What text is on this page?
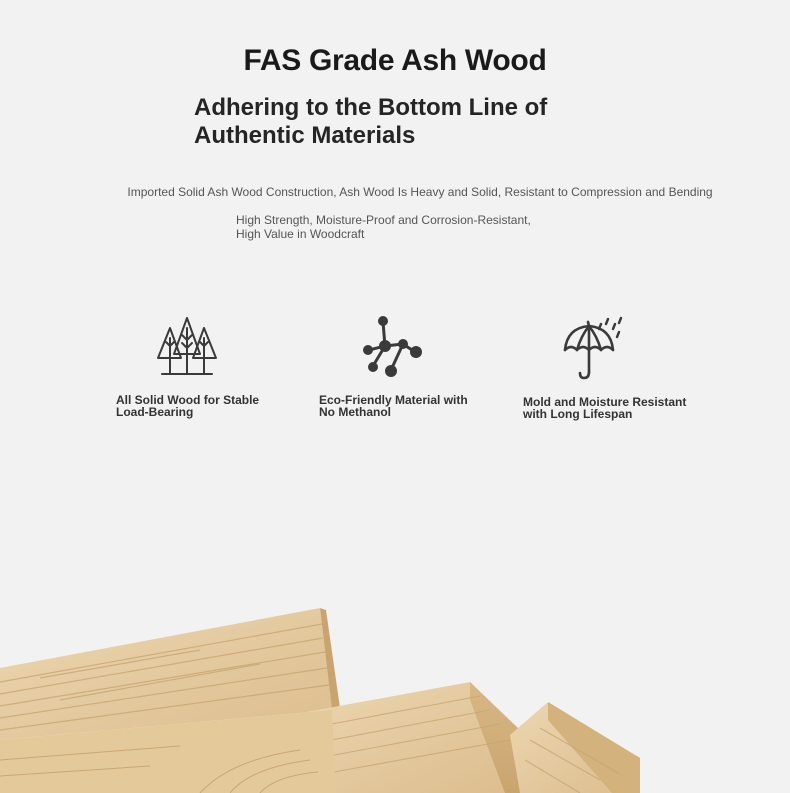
FAS Grade Ash Wood
Adhering to the Bottom Line of Authentic Materials

Imported Solid Ash Wood Construction, Ash Wood Is Heavy and Solid, Resistant to Compression and Bending

High Strength, Moisture-Proof and Corrosion-Resistant,
High Value in Woodcraft

All Solid Wood for Stable
Load-Bearing

Eco-Friendly Material with
No Methanol

Mold and Moisture Resistant
with Long Lifespan
